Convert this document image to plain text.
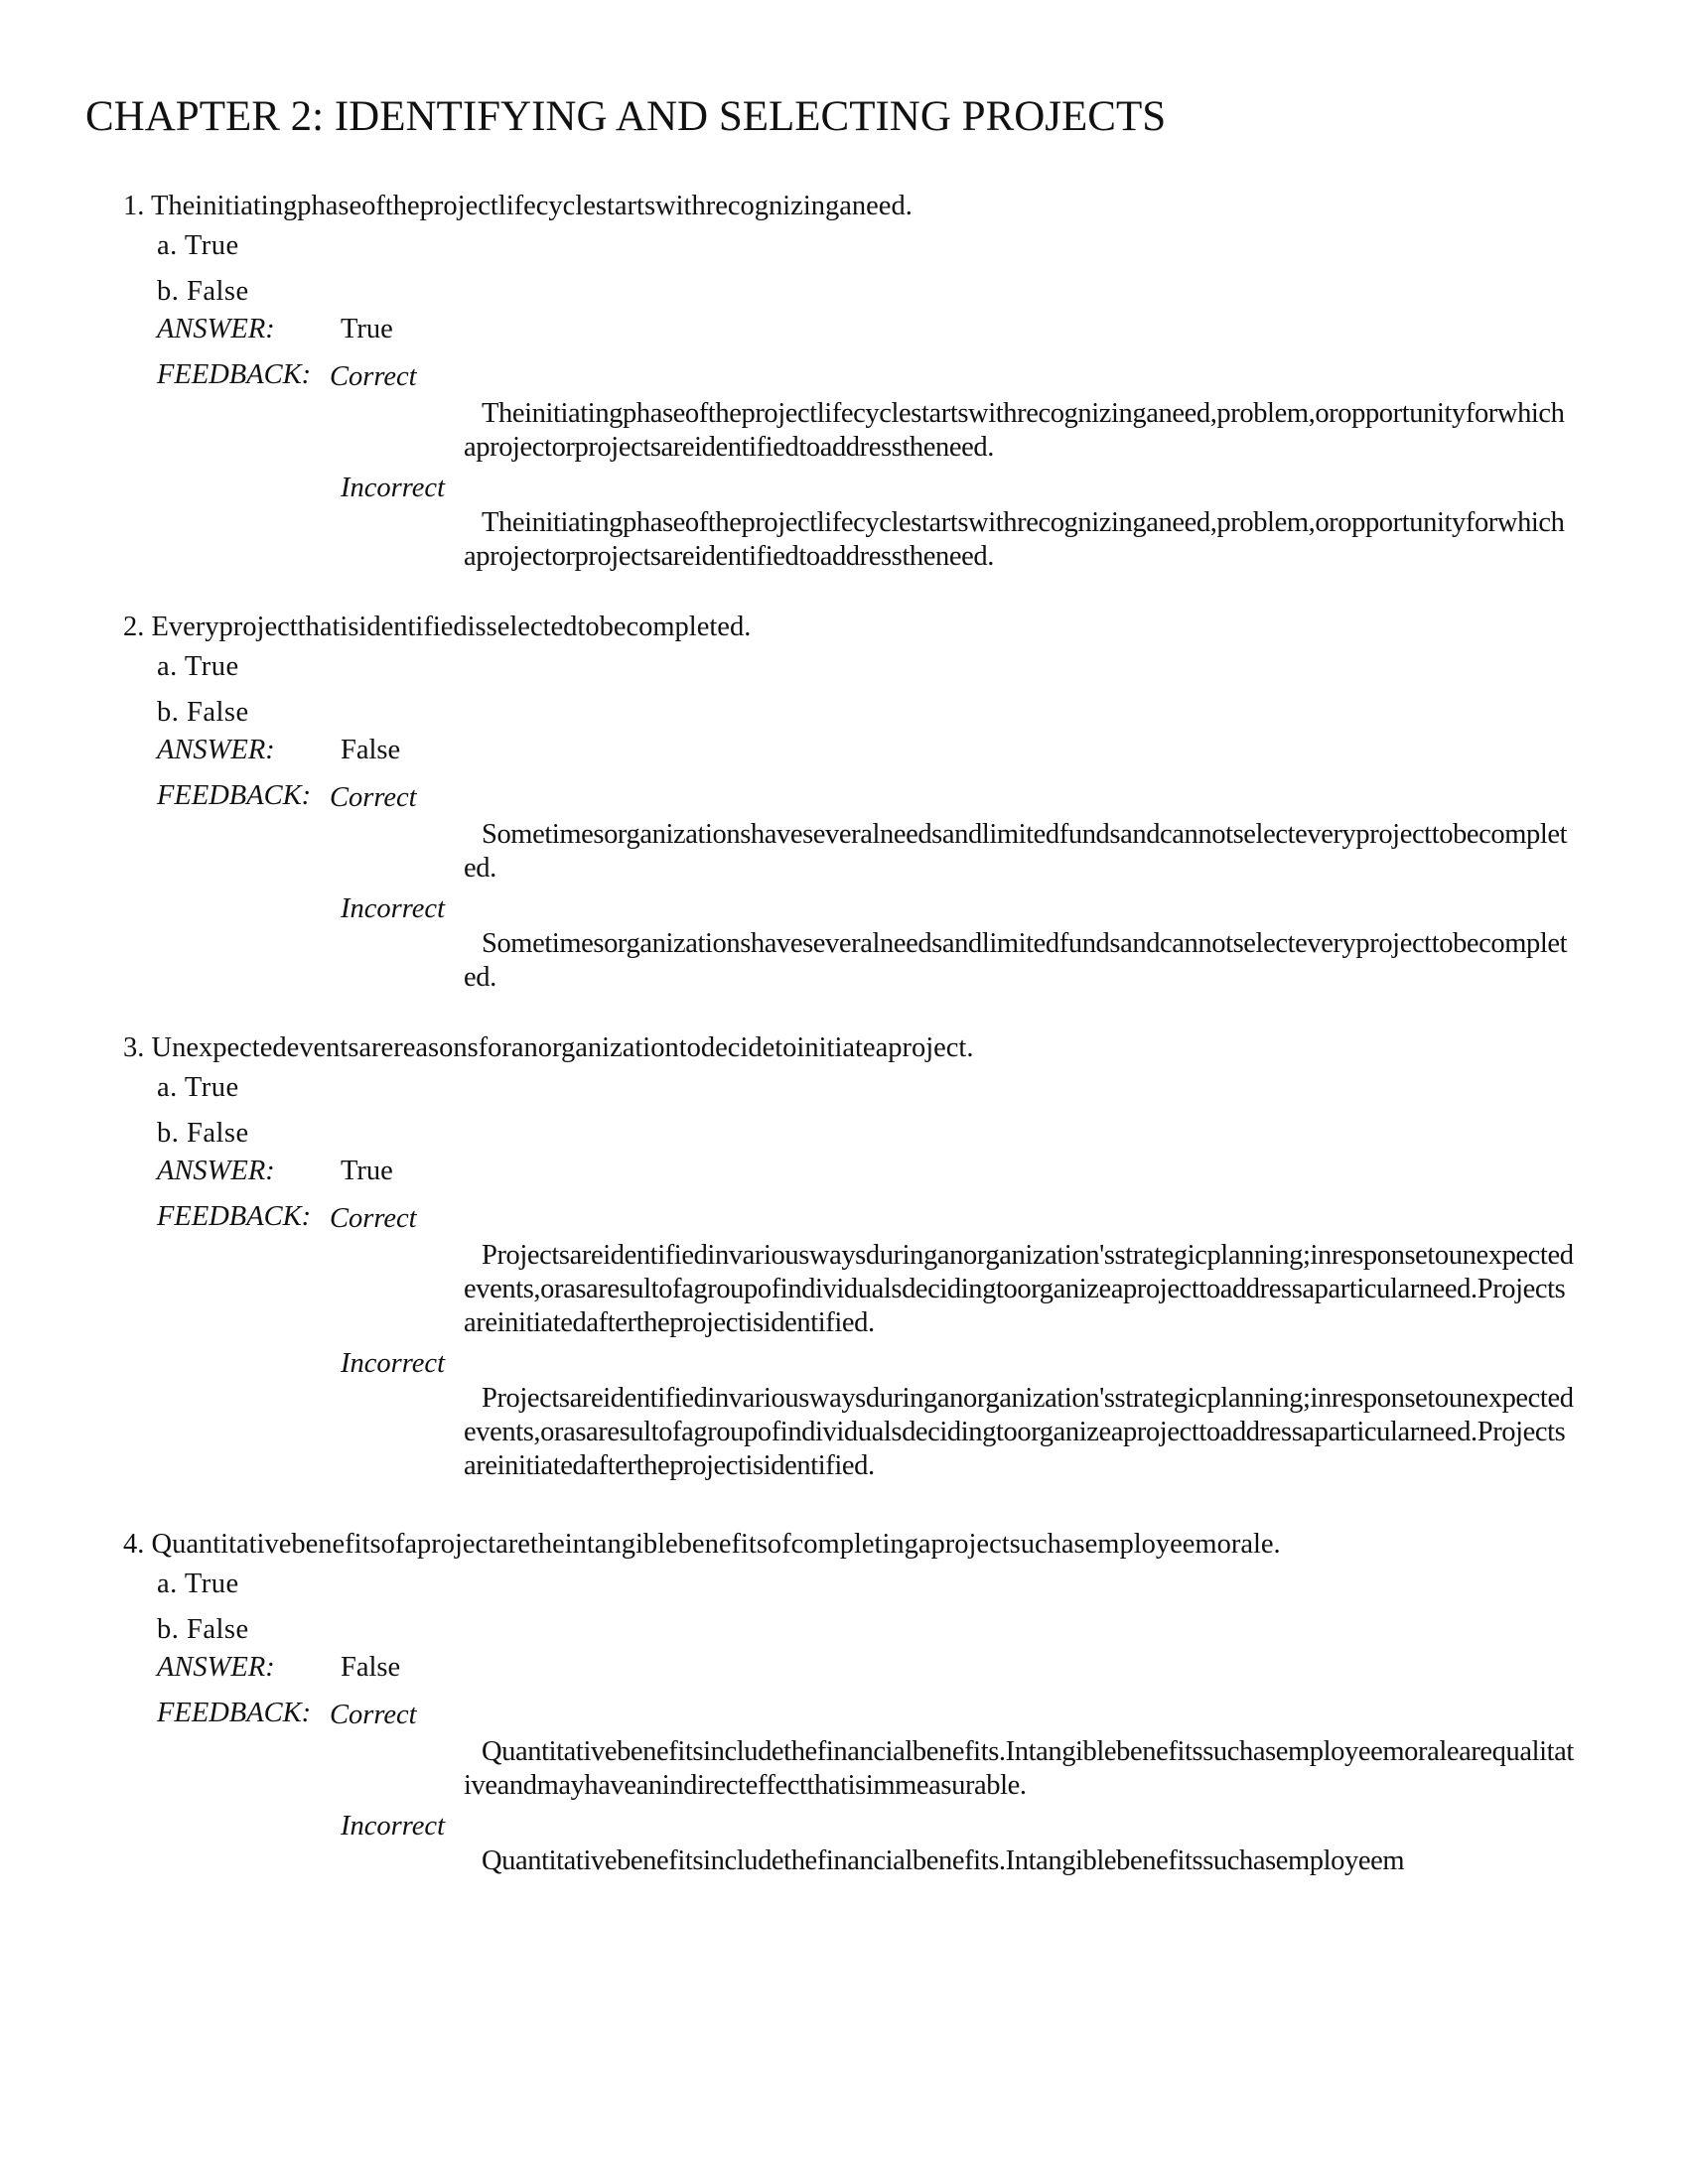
CHAPTER 2: IDENTIFYING AND SELECTING PROJECTS
1. Theinitiatingphaseoftheprojectlifecyclestartswithrecognizinganeed.
a. True
b. False
ANSWER: True
FEEDBACK: Correct
Theinitiatingphaseoftheprojectlifecyclestartswithrecognizinganeed,problem,oropportunityforwhichaprojectorprojectsareidentifiedtoaddresstheneed.
Incorrect
Theinitiatingphaseoftheprojectlifecyclestartswithrecognizinganeed,problem,oropportunityforwhichaprojectorprojectsareidentifiedtoaddresstheneed.
2. Everyprojectthatisidentifiedisselectedtobecompleted.
a. True
b. False
ANSWER: False
FEEDBACK: Correct
Sometimesorganizationshaveseveralneedsandlimitedfundsandcannotselecteveryprojecttobecompleted.
Incorrect
Sometimesorganizationshaveseveralneedsandlimitedfundsandcannotselecteveryprojecttobecompleted.
3. Unexpectedeventsarereasonsforanorganizationtodecidetoinitiateaproject.
a. True
b. False
ANSWER: True
FEEDBACK: Correct
Projectsareidentifiedinvariouswaysduringanorganization'sstrategicplanning;inresponsetounexpectedevents,orasaresultofagroupofindividualsdecidingtoorganizeaprojecttoaddressaparticularneed.Projectsareinitiatedaftertheprojectisidentified.
Incorrect
Projectsareidentifiedinvariouswaysduringanorganization'sstrategicplanning;inresponsetounexpectedevents,orasaresultofagroupofindividualsdecidingtoorganizeaprojecttoaddressaparticularneed.Projectsareinitiatedaftertheprojectisidentified.
4. Quantitativebenefitsofaprojectaretheintangiblebenefitsofcompletingaprojectsuchasemployeemorale.
a. True
b. False
ANSWER: False
FEEDBACK: Correct
Quantitativebenefitsincludethefinancialbenefits.Intangiblebenefitssuchasemployeemoralearequalitativeandmayhaveanindirecteffectthatisimmeasurable.
Incorrect
Quantitativebenefitsincludethefinancialbenefits.Intangiblebenefitssuchasemployeem
